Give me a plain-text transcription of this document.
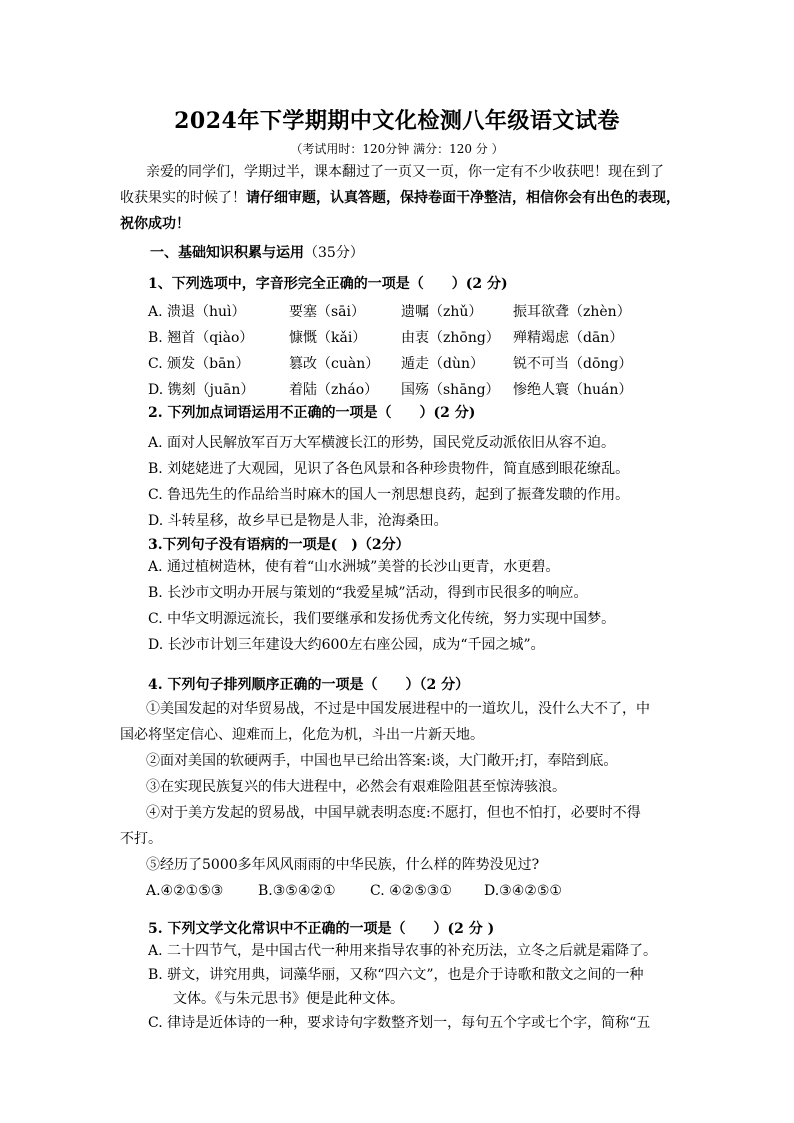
2024年下学期期中文化检测八年级语文试卷
（考试用时：120分钟 满分：120 分 ）
亲爱的同学们，学期过半，课本翻过了一页又一页，你一定有不少收获吧！现在到了
收获果实的时候了！请仔细审题，认真答题，保持卷面干净整洁，相信你会有出色的表现，
祝你成功！
一、基础知识积累与运用（35分）
1、下列选项中，字音形完全正确的一项是（　　）(2 分)
A. 溃退（huì）	要塞（sāi）	遗嘱（zhǔ） 振耳欲聋（zhèn）
B. 翘首（qiào）	慷慨（kǎi） 由衷（zhōng） 殚精竭虑（dān）
C. 颁发（bān）	篡改（cuàn） 遁走（dùn） 锐不可当（dōng）
D. 镌刻（juān） 着陆（zháo） 国殇（shāng） 惨绝人寰（huán）
2. 下列加点词语运用不正确的一项是（　　）(2 分)
A. 面对人民解放军百万大军横渡长江的形势，国民党反动派依旧从容不迫。
B. 刘姥姥进了大观园，见识了各色风景和各种珍贵物件，简直感到眼花缭乱。
C. 鲁迅先生的作品给当时麻木的国人一剂思想良药，起到了振聋发聩的作用。
D. 斗转星移，故乡早已是物是人非，沧海桑田。
3.下列句子没有语病的一项是(　)（2分）
A. 通过植树造林，使有着“山水洲城”美誉的长沙山更青，水更碧。
B. 长沙市文明办开展与策划的“我爱星城”活动，得到市民很多的响应。
C. 中华文明源远流长，我们要继承和发扬优秀文化传统，努力实现中国梦。
D. 长沙市计划三年建设大约600左右座公园，成为“千园之城”。
4. 下列句子排列顺序正确的一项是（　　）（2 分）
①美国发起的对华贸易战，不过是中国发展进程中的一道坎儿，没什么大不了，中
国必将坚定信心、迎难而上，化危为机，斗出一片新天地。
②面对美国的软硬两手，中国也早已给出答案:谈，大门敞开;打，奉陪到底。
③在实现民族复兴的伟大进程中，必然会有艰难险阻甚至惊涛骇浪。
④对于美方发起的贸易战，中国早就表明态度:不愿打，但也不怕打，必要时不得
不打。
⑤经历了5000多年风风雨雨的中华民族，什么样的阵势没见过?
A.④②①⑤③ B.③⑤④②① C. ④②⑤③① D.③④②⑤①
5. 下列文学文化常识中不正确的一项是（　　）(2 分 )
A. 二十四节气，是中国古代一种用来指导农事的补充历法，立冬之后就是霜降了。
B. 骈文，讲究用典，词藻华丽，又称“四六文”，也是介于诗歌和散文之间的一种
文体。《与朱元思书》便是此种文体。
C. 律诗是近体诗的一种，要求诗句字数整齐划一，每句五个字或七个字，简称“五
